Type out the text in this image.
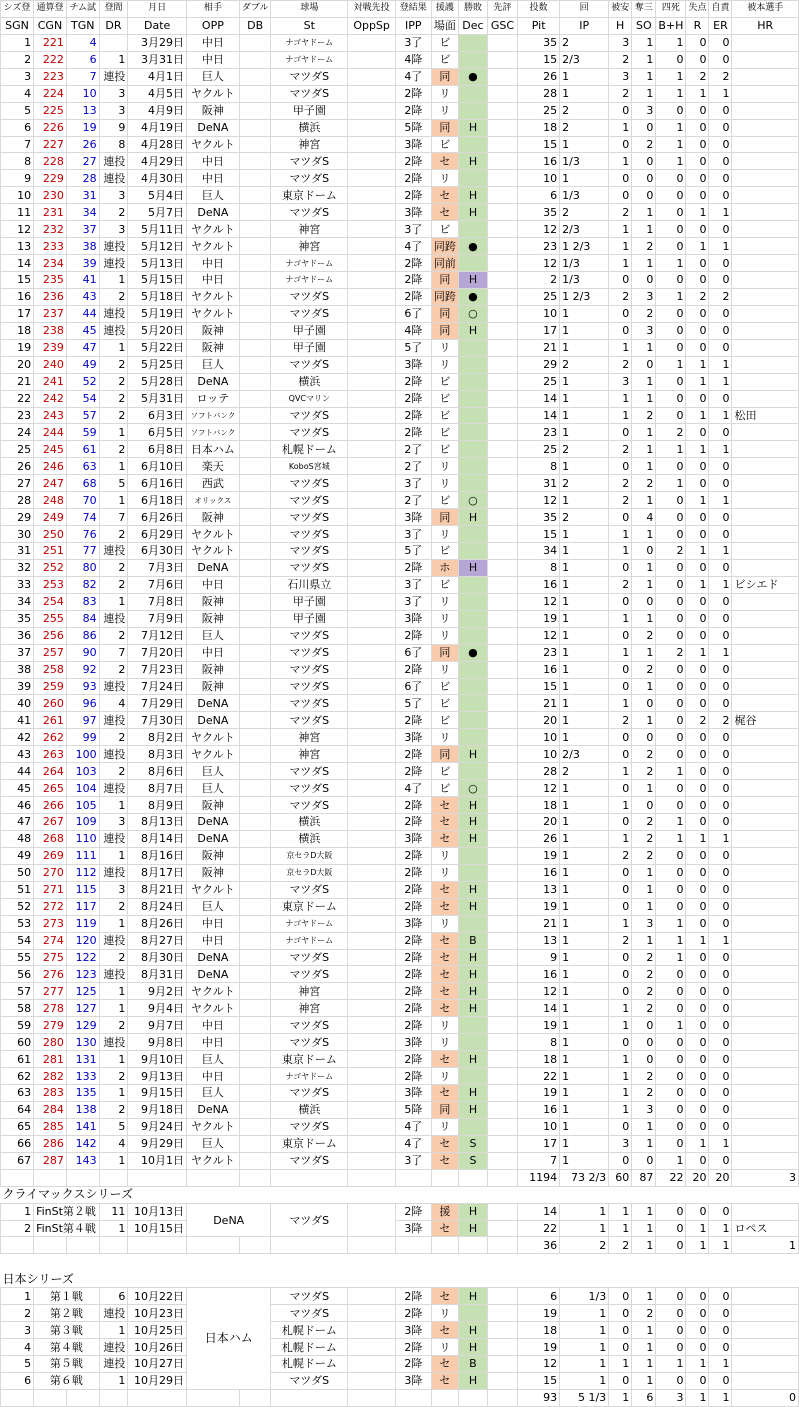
シズ登	通算登	チム試	登間	月日	相手	ダブル	球場	対戦先投	登結果	援護	勝敗	先評	投数	回	被安	奪三	四死	失点	自責	被本選手
SGN	CGN	TGN	DR	Date	OPP	DB	St	OppSp	IPP	場面	Dec	GSC	Pit	IP	H	SO	B+H	R	ER	HR
1	221	4		3月29日	中日		ナゴヤドーム		3了	ビ			35	2	3	1	1	0	0	
2	222	6	1	3月31日	中日		ナゴヤドーム		4降	ビ			15	2/3	2	1	0	0	0	
3	223	7	連投	4月1日	巨人		マツダS		4了	同	●		26	1	3	1	1	2	2	
4	224	10	3	4月5日	ヤクルト		マツダS		2降	リ			28	1	2	1	1	1	1	
5	225	13	3	4月9日	阪神		甲子園		2降	リ			25	2	0	3	0	0	0	
6	226	19	9	4月19日	DeNA		横浜		5降	同	H		18	2	1	0	1	0	0	
7	227	26	8	4月28日	ヤクルト		神宮		3降	ビ			15	1	0	2	1	0	0	
8	228	27	連投	4月29日	中日		マツダS		2降	セ	H		16	1/3	1	0	1	0	0	
9	229	28	連投	4月30日	中日		マツダS		2降	リ			10	1	0	0	0	0	0	
10	230	31	3	5月4日	巨人		東京ドーム		2降	セ	H		6	1/3	0	0	0	0	0	
11	231	34	2	5月7日	DeNA		マツダS		3降	セ	H		35	2	2	1	0	1	1	
12	232	37	3	5月11日	ヤクルト		神宮		3了	ビ			12	2/3	1	1	0	0	0	
13	233	38	連投	5月12日	ヤクルト		神宮		4了	同跨	●		23	1 2/3	1	2	0	1	1	
14	234	39	連投	5月13日	中日		ナゴヤドーム		2降	同前			12	1/3	1	1	1	0	0	
15	235	41	1	5月15日	中日		ナゴヤドーム		2降	同	H		2	1/3	0	0	0	0	0	
16	236	43	2	5月18日	ヤクルト		マツダS		2降	同跨	●		25	1 2/3	2	3	1	2	2	
17	237	44	連投	5月19日	ヤクルト		マツダS		6了	同	○		10	1	0	2	0	0	0	
18	238	45	連投	5月20日	阪神		甲子園		4降	同	H		17	1	0	3	0	0	0	
19	239	47	1	5月22日	阪神		甲子園		5了	リ			21	1	1	1	0	0	0	
20	240	49	2	5月25日	巨人		マツダS		3降	リ			29	2	2	0	1	1	1	
21	241	52	2	5月28日	DeNA		横浜		2降	ビ			25	1	3	1	0	1	1	
22	242	54	2	5月31日	ロッテ		QVCマリン		2降	ビ			14	1	1	1	0	0	0	
23	243	57	2	6月3日	ソフトバンク		マツダS		2降	ビ			14	1	1	2	0	1	1	松田
24	244	59	1	6月5日	ソフトバンク		マツダS		2降	ビ			23	1	0	1	2	0	0	
25	245	61	2	6月8日	日本ハム		札幌ドーム		2了	ビ			25	2	2	1	1	1	1	
26	246	63	1	6月10日	楽天		KoboS宮城		2了	リ			8	1	0	1	0	0	0	
27	247	68	5	6月16日	西武		マツダS		3了	リ			31	2	2	2	1	0	0	
28	248	70	1	6月18日	オリックス		マツダS		2了	ビ	○		12	1	2	1	0	1	1	
29	249	74	7	6月26日	阪神		マツダS		3降	同	H		35	2	0	4	0	0	0	
30	250	76	2	6月29日	ヤクルト		マツダS		3了	リ			15	1	1	1	0	0	0	
31	251	77	連投	6月30日	ヤクルト		マツダS		5了	ビ			34	1	1	0	2	1	1	
32	252	80	2	7月3日	DeNA		マツダS		2降	ホ	H		8	1	0	1	0	0	0	
33	253	82	2	7月6日	中日		石川県立		3了	ビ			16	1	2	1	0	1	1	ビシエド
34	254	83	1	7月8日	阪神		甲子園		3了	リ			12	1	0	0	0	0	0	
35	255	84	連投	7月9日	阪神		甲子園		3降	リ			19	1	1	1	0	0	0	
36	256	86	2	7月12日	巨人		マツダS		2降	リ			12	1	0	2	0	0	0	
37	257	90	7	7月20日	中日		マツダS		6了	同	●		23	1	1	1	2	1	1	
38	258	92	2	7月23日	阪神		マツダS		2降	リ			16	1	0	2	0	0	0	
39	259	93	連投	7月24日	阪神		マツダS		6了	ビ			15	1	0	1	0	0	0	
40	260	96	4	7月29日	DeNA		マツダS		5了	ビ			21	1	1	0	0	0	0	
41	261	97	連投	7月30日	DeNA		マツダS		2降	ビ			20	1	2	1	0	2	2	梶谷
42	262	99	2	8月2日	ヤクルト		神宮		3降	リ			10	1	0	0	0	0	0	
43	263	100	連投	8月3日	ヤクルト		神宮		2降	同	H		10	2/3	0	2	0	0	0	
44	264	103	2	8月6日	巨人		マツダS		2降	ビ			28	2	1	2	1	0	0	
45	265	104	連投	8月7日	巨人		マツダS		4了	ビ	○		12	1	0	1	0	0	0	
46	266	105	1	8月9日	阪神		マツダS		2降	セ	H		18	1	1	0	0	0	0	
47	267	109	3	8月13日	DeNA		横浜		2降	セ	H		20	1	0	2	1	0	0	
48	268	110	連投	8月14日	DeNA		横浜		3降	セ	H		26	1	1	2	1	1	1	
49	269	111	1	8月16日	阪神		京セラD大阪		2降	リ			19	1	2	2	0	0	0	
50	270	112	連投	8月17日	阪神		京セラD大阪		2降	リ			16	1	0	1	0	0	0	
51	271	115	3	8月21日	ヤクルト		マツダS		2降	セ	H		13	1	0	1	0	0	0	
52	272	117	2	8月24日	巨人		東京ドーム		2降	セ	H		19	1	0	1	0	0	0	
53	273	119	1	8月26日	中日		ナゴヤドーム		3降	リ			21	1	1	3	1	0	0	
54	274	120	連投	8月27日	中日		ナゴヤドーム		2降	セ	B		13	1	2	1	1	1	1	
55	275	122	2	8月30日	DeNA		マツダS		2降	セ	H		9	1	0	2	1	0	0	
56	276	123	連投	8月31日	DeNA		マツダS		2降	セ	H		16	1	0	2	0	0	0	
57	277	125	1	9月2日	ヤクルト		神宮		2降	セ	H		12	1	0	2	0	0	0	
58	278	127	1	9月4日	ヤクルト		神宮		2降	セ	H		14	1	1	2	0	0	0	
59	279	129	2	9月7日	中日		マツダS		2降	リ			19	1	1	0	1	0	0	
60	280	130	連投	9月8日	中日		マツダS		3降	リ			8	1	0	0	0	0	0	
61	281	131	1	9月10日	巨人		東京ドーム		2降	セ	H		18	1	1	0	0	0	0	
62	282	133	2	9月13日	中日		ナゴヤドーム		2降	リ			22	1	1	2	0	0	0	
63	283	135	1	9月15日	巨人		マツダS		3降	セ	H		19	1	1	2	0	0	0	
64	284	138	2	9月18日	DeNA		横浜		5降	同	H		16	1	1	3	0	0	0	
65	285	141	5	9月24日	ヤクルト		マツダS		4了	リ			10	1	0	1	0	0	0	
66	286	142	4	9月29日	巨人		東京ドーム		4了	セ	S		17	1	3	1	0	1	1	
67	287	143	1	10月1日	ヤクルト		マツダS		3了	セ	S		7	1	0	0	1	0	0	
													1194	73 2/3	60	87	22	20	20	3
クライマックスシリーズ																				
1	FinSt第２戦		11	10月13日	DeNA		マツダS		2降	援	H		14	1	1	1	0	0	0	
2	FinSt第４戦		1	10月15日					3降	セ	H		22	1	1	1	0	1	1	ロペス
													36	2	2	1	0	1	1	1

日本シリーズ																				
1	第１戦		6	10月22日	日本ハム		マツダS		2降	セ	H		6	1/3	0	1	0	0	0	
2	第２戦		連投	10月23日			マツダS		2降	リ			19	1	0	2	0	0	0	
3	第３戦		1	10月25日			札幌ドーム		3降	セ	H		18	1	0	1	0	0	0	
4	第４戦		連投	10月26日			札幌ドーム		2降	リ	H		19	1	0	1	0	0	0	
5	第５戦		連投	10月27日			札幌ドーム		2降	セ	B		12	1	1	1	1	1	1	
6	第６戦		1	10月29日			マツダS		3降	セ	H		15	1	0	1	0	0	0	
													93	5 1/3	1	6	3	1	1	0
